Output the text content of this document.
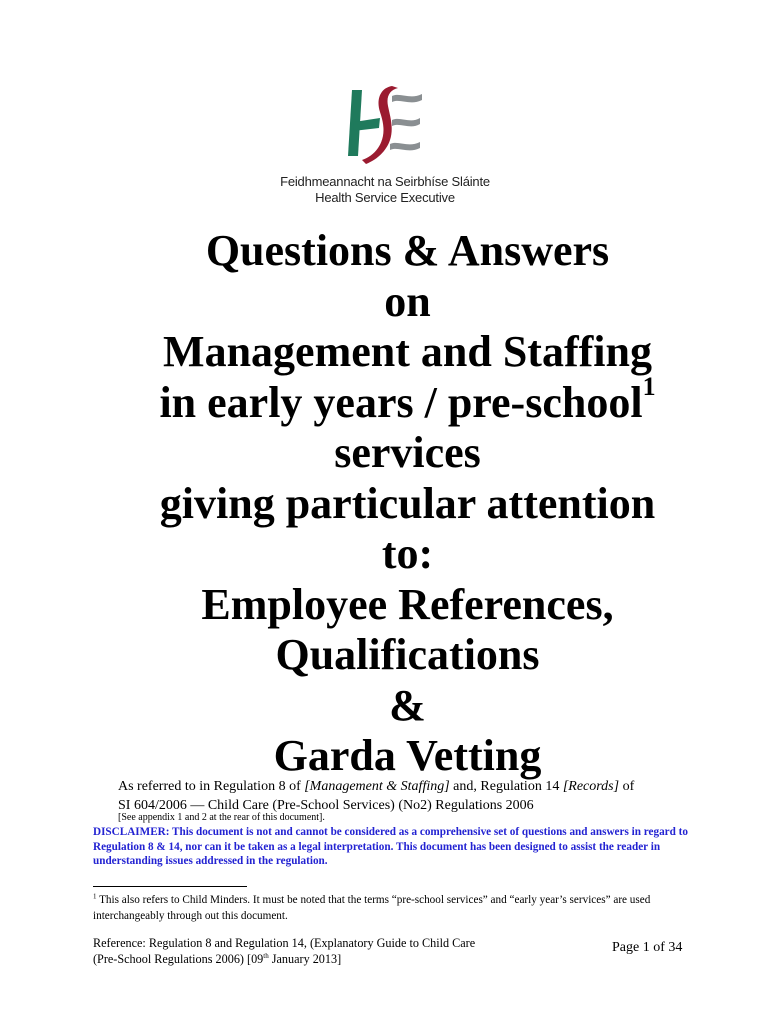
Feidhmeannacht na Seirbhíse Sláinte
Health Service Executive
Questions & Answers
on
Management and Staffing
in early years / pre-school$^1$
services
giving particular attention
to:
Employee References,
Qualifications
&
Garda Vetting
As referred to in Regulation 8 of [Management & Staffing] and, Regulation 14 [Records] of
SI 604/2006 — Child Care (Pre-School Services) (No2) Regulations 2006
[See appendix 1 and 2 at the rear of this document].
DISCLAIMER: This document is not and cannot be considered as a comprehensive set of questions and answers in regard to Regulation 8 & 14, nor can it be taken as a legal interpretation. This document has been designed to assist the reader in understanding issues addressed in the regulation.
$^1$ This also refers to Child Minders. It must be noted that the terms “pre-school services” and “early year’s services” are used interchangeably through out this document.
Reference: Regulation 8 and Regulation 14, (Explanatory Guide to Child Care
(Pre-School Regulations 2006) [09th January 2013]
Page 1 of 34
